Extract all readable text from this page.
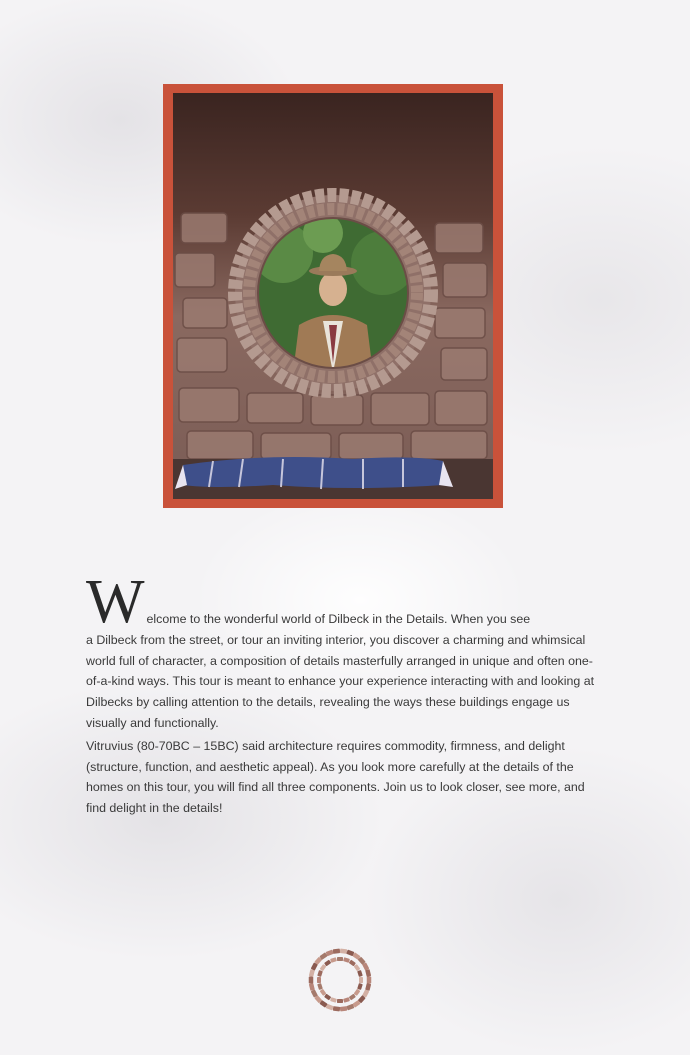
W elcome to the wonderful world of Dilbeck in the Details. When you see
a Dilbeck from the street, or tour an inviting interior, you discover a charming and whimsical world full of character, a composition of details masterfully arranged in unique and often one-of-a-kind ways. This tour is meant to enhance your experience interacting with and looking at Dilbecks by calling attention to the details, revealing the ways these buildings engage us visually and functionally.

Vitruvius (80-70BC – 15BC) said architecture requires commodity, firmness, and delight (structure, function, and aesthetic appeal). As you look more carefully at the details of the homes on this tour, you will find all three components. Join us to look closer, see more, and find delight in the details!
